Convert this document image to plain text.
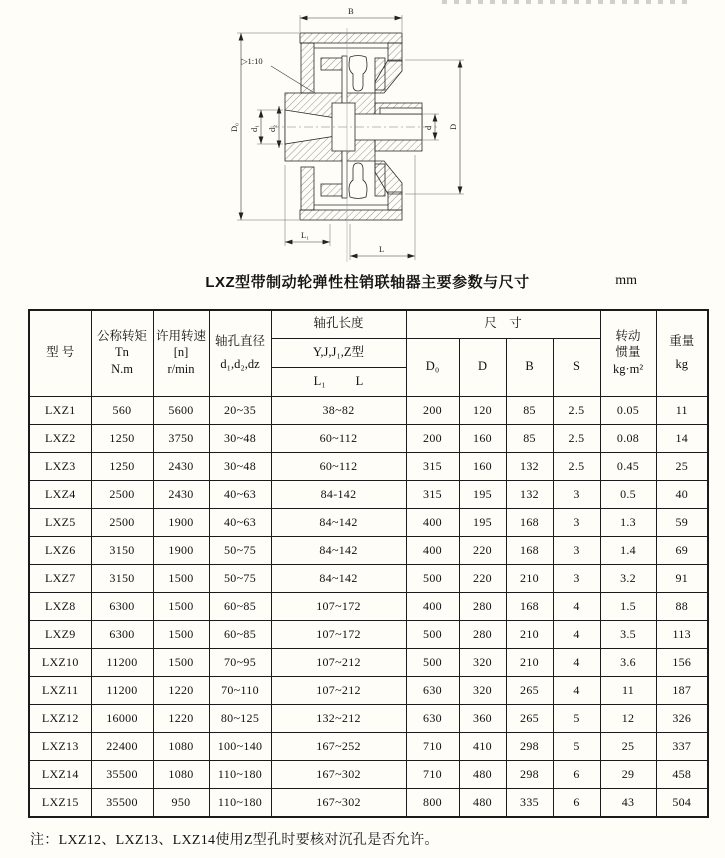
B
▷1:10
D₀ d₁ d₂	d D
L₁
L
LXZ型带制动轮弹性柱销联轴器主要参数与尺寸	mm
型 号	公称转矩Tn
N.m	许用转速
[n]
r/min	轴孔直径
d₁,d₂,dz	轴孔长度	尺　寸				转动
惯量
kg·m²	重量
kg

				Y,J,J₁,Z型	D₀	D	B	S		

				L₁ L						

LXZ1	560	5600	20~35	38~82	200	120	85	2.5	0.05	11
LXZ2	1250	3750	30~48	60~112	200	160	85	2.5	0.08	14
LXZ3	1250	2430	30~48	60~112	315	160	132	2.5	0.45	25
LXZ4	2500	2430	40~63	84-142	315	195	132	3	0.5	40
LXZ5	2500	1900	40~63	84~142	400	195	168	3	1.3	59
LXZ6	3150	1900	50~75	84~142	400	220	168	3	1.4	69
LXZ7	3150	1500	50~75	84~142	500	220	210	3	3.2	91
LXZ8	6300	1500	60~85	107~172	400	280	168	4	1.5	88
LXZ9	6300	1500	60~85	107~172	500	280	210	4	3.5	113
LXZ10	11200	1500	70~95	107~212	500	320	210	4	3.6	156
LXZ11	11200	1220	70~110	107~212	630	320	265	4	11	187
LXZ12	16000	1220	80~125	132~212	630	360	265	5	12	326
LXZ13	22400	1080	100~140	167~252	710	410	298	5	25	337
LXZ14	35500	1080	110~180	167~302	710	480	298	6	29	458
LXZ15	35500	950	110~180	167~302	800	480	335	6	43	504
注：LXZ12、LXZ13、LXZ14使用Z型孔时要核对沉孔是否允许。
